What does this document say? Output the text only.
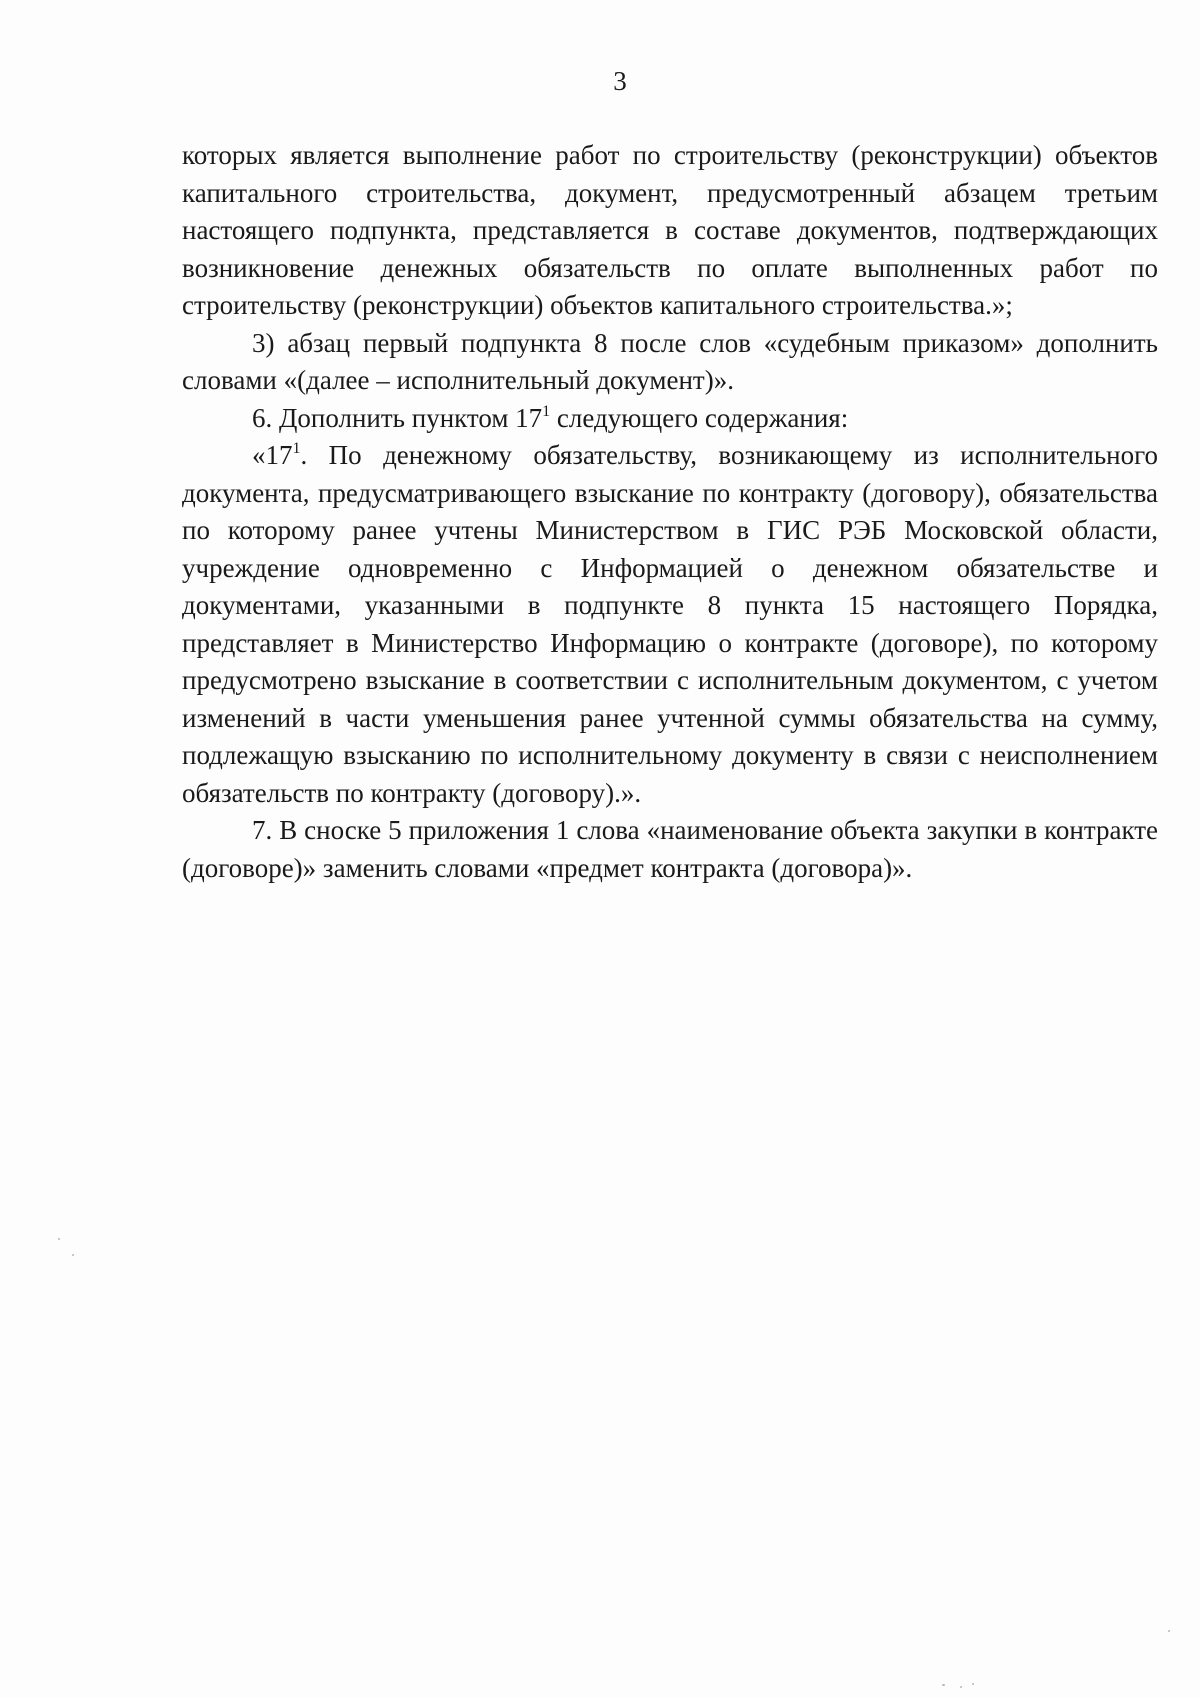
3

которых является выполнение работ по строительству (реконструкции) объектов капитального строительства, документ, предусмотренный абзацем третьим настоящего подпункта, представляется в составе документов, подтверждающих возникновение денежных обязательств по оплате выполненных работ по строительству (реконструкции) объектов капитального строительства.»;

3) абзац первый подпункта 8 после слов «судебным приказом» дополнить словами «(далее – исполнительный документ)».

6. Дополнить пунктом $17^1$ следующего содержания:

«$17^1$. По денежному обязательству, возникающему из исполнительного документа, предусматривающего взыскание по контракту (договору), обязательства по которому ранее учтены Министерством в ГИС РЭБ Московской области, учреждение одновременно с Информацией о денежном обязательстве и документами, указанными в подпункте 8 пункта 15 настоящего Порядка, представляет в Министерство Информацию о контракте (договоре), по которому предусмотрено взыскание в соответствии с исполнительным документом, с учетом изменений в части уменьшения ранее учтенной суммы обязательства на сумму, подлежащую взысканию по исполнительному документу в связи с неисполнением обязательств по контракту (договору).».

7. В сноске 5 приложения 1 слова «наименование объекта закупки в контракте (договоре)» заменить словами «предмет контракта (договора)».
